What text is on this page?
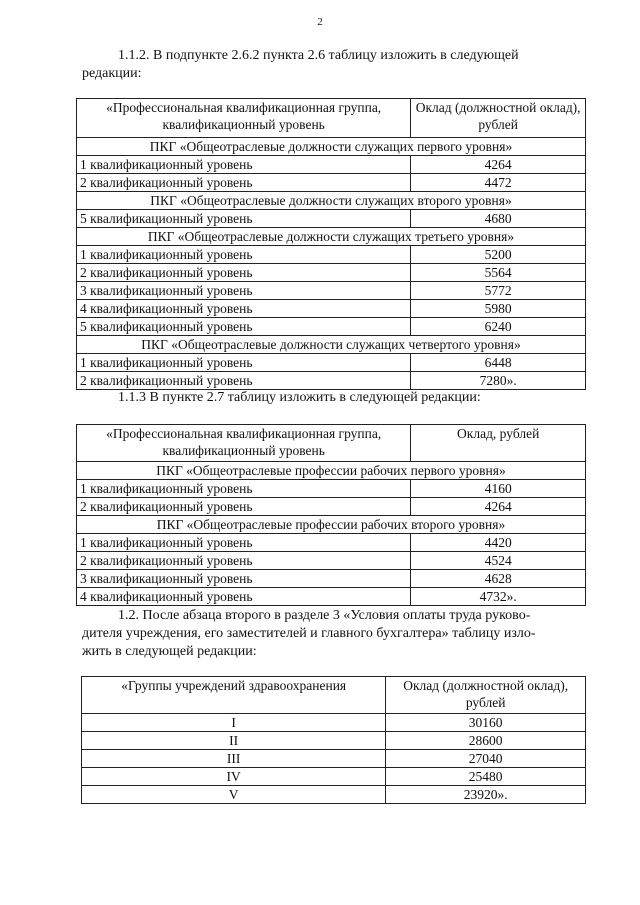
2
1.1.2. В подпункте 2.6.2 пункта 2.6 таблицу изложить в следующей
редакции:
«Профессиональная квалификационная группа, квалификационный уровень	Оклад (должностной оклад), рублей
ПКГ «Общеотраслевые должности служащих первого уровня»	
1 квалификационный уровень	4264
2 квалификационный уровень	4472
ПКГ «Общеотраслевые должности служащих второго уровня»	
5 квалификационный уровень	4680
ПКГ «Общеотраслевые должности служащих третьего уровня»	
1 квалификационный уровень	5200
2 квалификационный уровень	5564
3 квалификационный уровень	5772
4 квалификационный уровень	5980
5 квалификационный уровень	6240
ПКГ «Общеотраслевые должности служащих четвертого уровня»	
1 квалификационный уровень	6448
2 квалификационный уровень	7280».
1.1.3 В пункте 2.7 таблицу изложить в следующей редакции:
«Профессиональная квалификационная группа, квалификационный уровень	Оклад, рублей
ПКГ «Общеотраслевые профессии рабочих первого уровня»	
1 квалификационный уровень	4160
2 квалификационный уровень	4264
ПКГ «Общеотраслевые профессии рабочих второго уровня»	
1 квалификационный уровень	4420
2 квалификационный уровень	4524
3 квалификационный уровень	4628
4 квалификационный уровень	4732».
1.2. После абзаца второго в разделе 3 «Условия оплаты труда руково-
дителя учреждения, его заместителей и главного бухгалтера» таблицу изло-
жить в следующей редакции:
«Группы учреждений здравоохранения	Оклад (должностной оклад), рублей
I	30160
II	28600
III	27040
IV	25480
V	23920».
